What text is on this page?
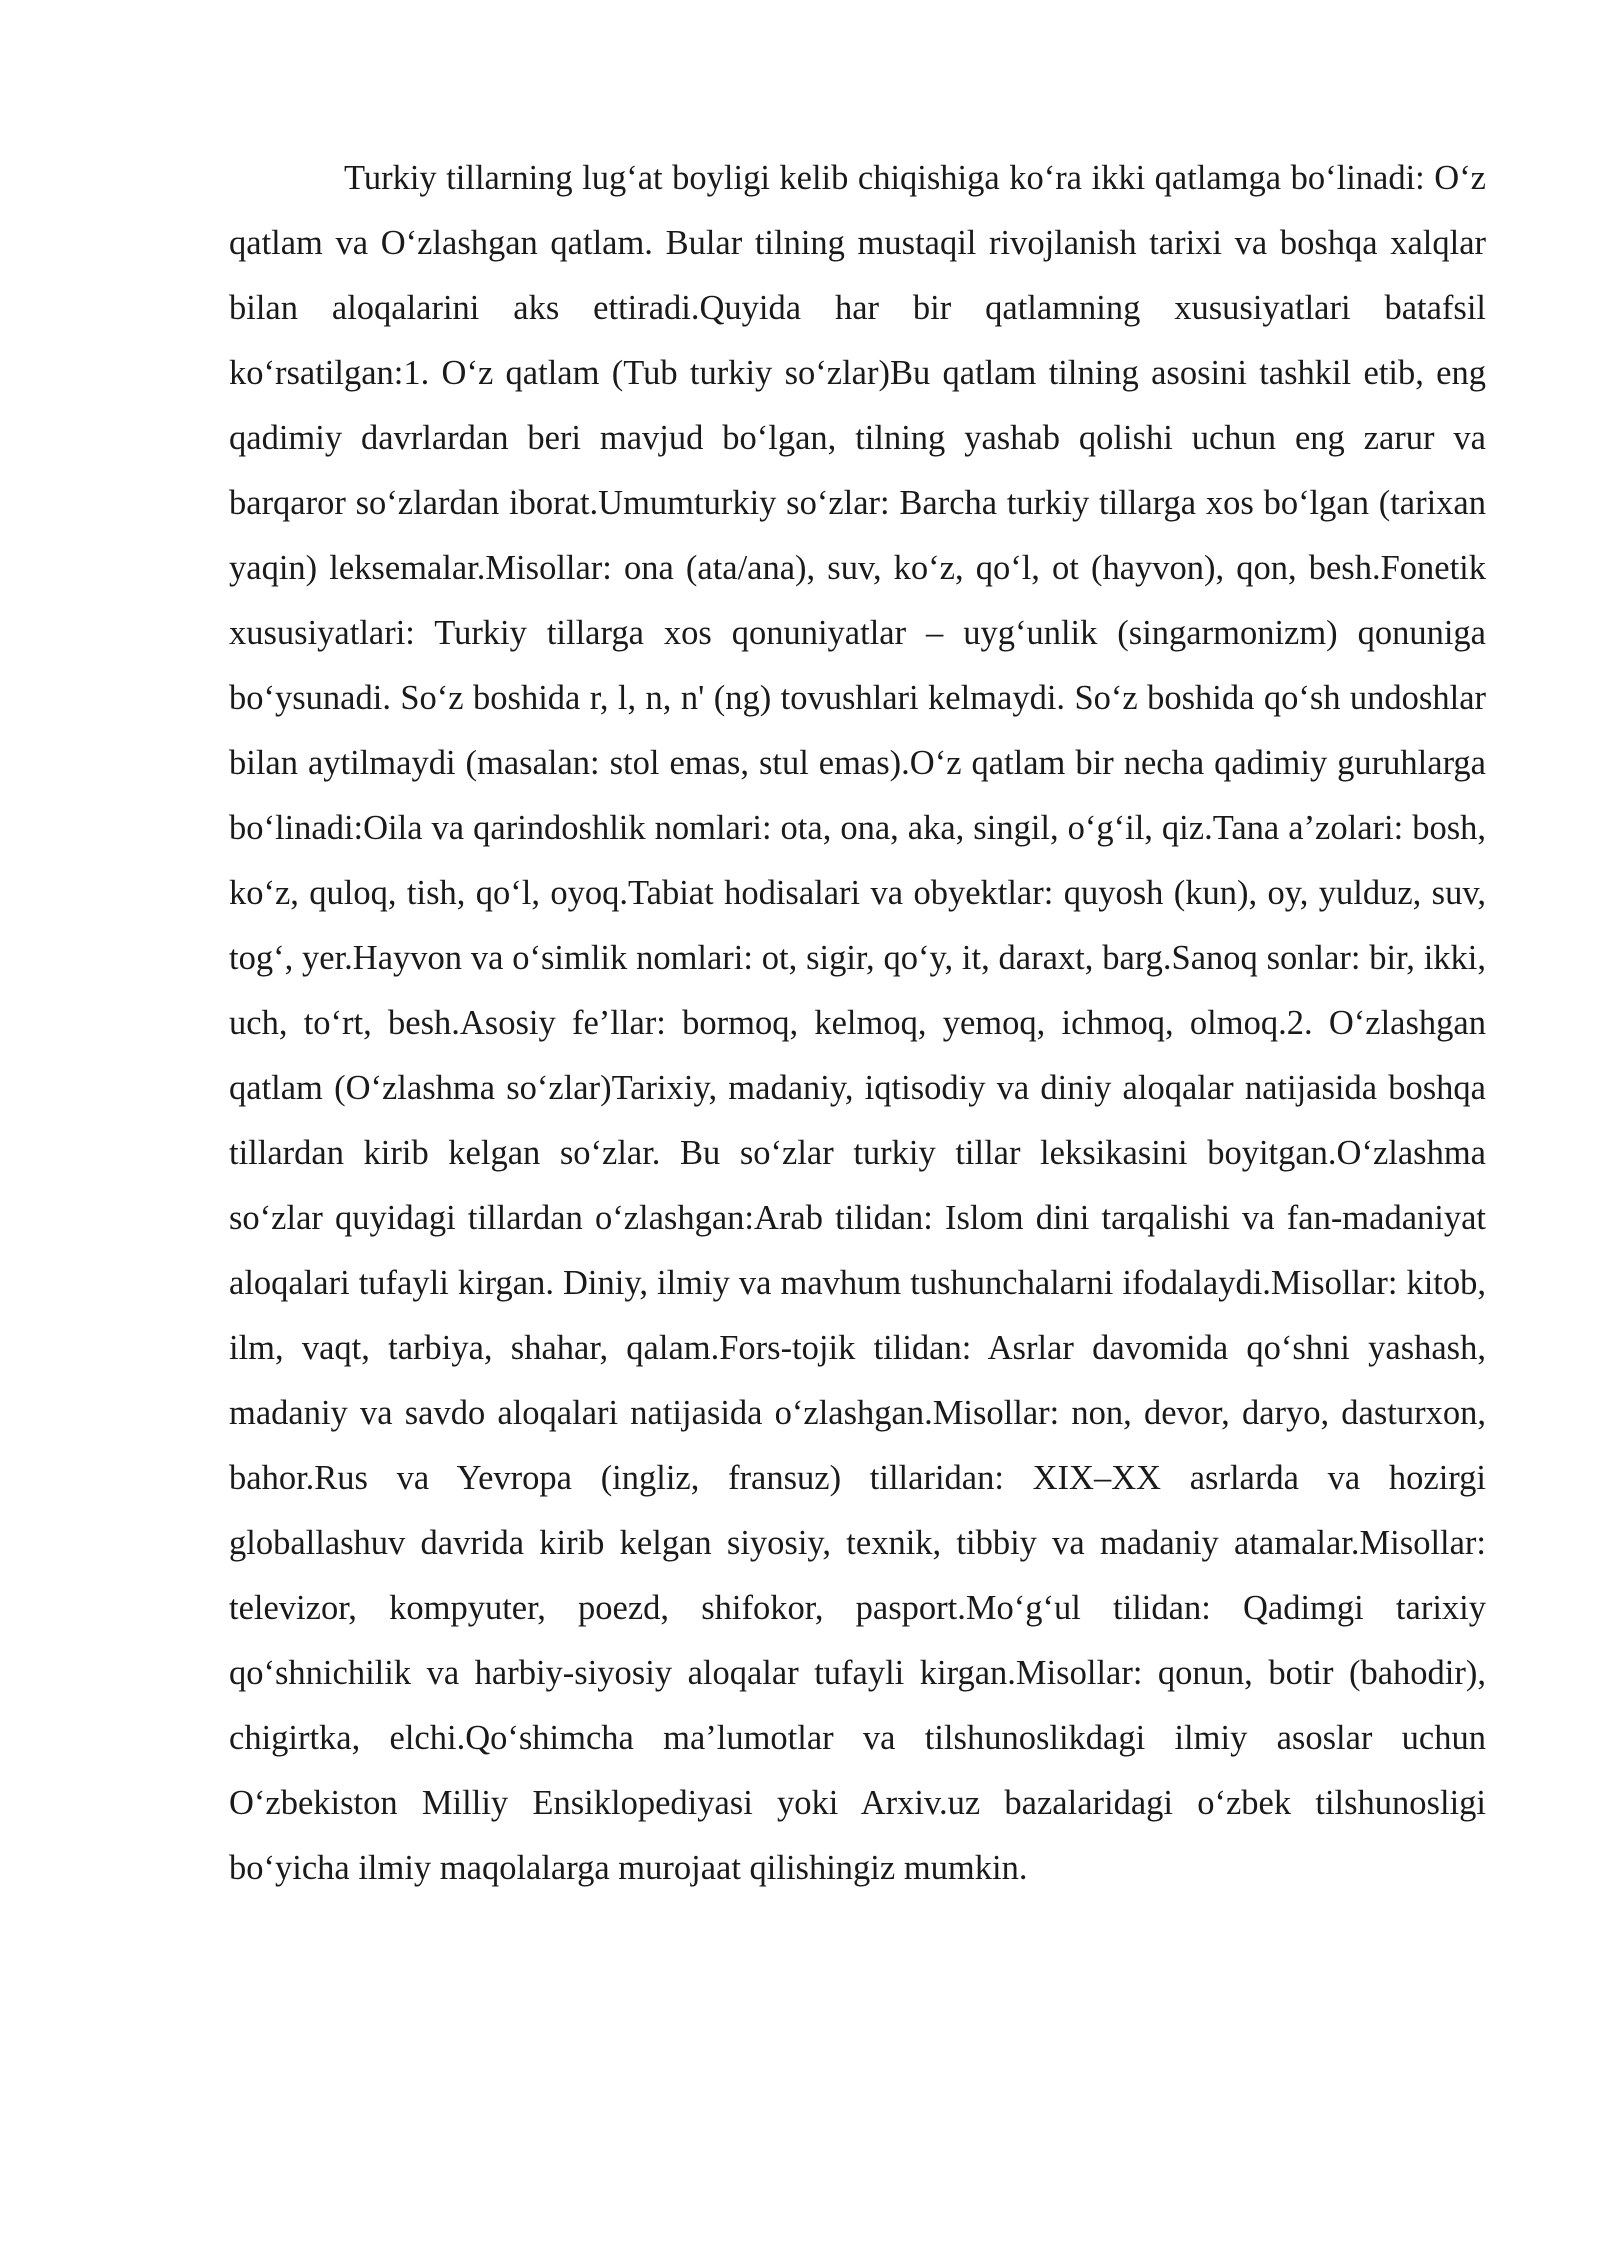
Turkiy tillarning lug‘at boyligi kelib chiqishiga ko‘ra ikki qatlamga bo‘linadi: O‘z qatlam va O‘zlashgan qatlam. Bular tilning mustaqil rivojlanish tarixi va boshqa xalqlar bilan aloqalarini aks ettiradi.Quyida har bir qatlamning xususiyatlari batafsil ko‘rsatilgan:1. O‘z qatlam (Tub turkiy so‘zlar)Bu qatlam tilning asosini tashkil etib, eng qadimiy davrlardan beri mavjud bo‘lgan, tilning yashab qolishi uchun eng zarur va barqaror so‘zlardan iborat.Umumturkiy so‘zlar: Barcha turkiy tillarga xos bo‘lgan (tarixan yaqin) leksemalar.Misollar: ona (ata/ana), suv, ko‘z, qo‘l, ot (hayvon), qon, besh.Fonetik xususiyatlari: Turkiy tillarga xos qonuniyatlar – uyg‘unlik (singarmonizm) qonuniga bo‘ysunadi. So‘z boshida r, l, n, n' (ng) tovushlari kelmaydi. So‘z boshida qo‘sh undoshlar bilan aytilmaydi (masalan: stol emas, stul emas).O‘z qatlam bir necha qadimiy guruhlarga bo‘linadi:Oila va qarindoshlik nomlari: ota, ona, aka, singil, o‘g‘il, qiz.Tana a’zolari: bosh, ko‘z, quloq, tish, qo‘l, oyoq.Tabiat hodisalari va obyektlar: quyosh (kun), oy, yulduz, suv, tog‘, yer.Hayvon va o‘simlik nomlari: ot, sigir, qo‘y, it, daraxt, barg.Sanoq sonlar: bir, ikki, uch, to‘rt, besh.Asosiy fe’llar: bormoq, kelmoq, yemoq, ichmoq, olmoq.2. O‘zlashgan qatlam (O‘zlashma so‘zlar)Tarixiy, madaniy, iqtisodiy va diniy aloqalar natijasida boshqa tillardan kirib kelgan so‘zlar. Bu so‘zlar turkiy tillar leksikasini boyitgan.O‘zlashma so‘zlar quyidagi tillardan o‘zlashgan:Arab tilidan: Islom dini tarqalishi va fan-madaniyat aloqalari tufayli kirgan. Diniy, ilmiy va mavhum tushunchalarni ifodalaydi.Misollar: kitob, ilm, vaqt, tarbiya, shahar, qalam.Fors-tojik tilidan: Asrlar davomida qo‘shni yashash, madaniy va savdo aloqalari natijasida o‘zlashgan.Misollar: non, devor, daryo, dasturxon, bahor.Rus va Yevropa (ingliz, fransuz) tillaridan: XIX–XX asrlarda va hozirgi globallashuv davrida kirib kelgan siyosiy, texnik, tibbiy va madaniy atamalar.Misollar: televizor, kompyuter, poezd, shifokor, pasport.Mo‘g‘ul tilidan: Qadimgi tarixiy qo‘shnichilik va harbiy-siyosiy aloqalar tufayli kirgan.Misollar: qonun, botir (bahodir), chigirtka, elchi.Qo‘shimcha ma’lumotlar va tilshunoslikdagi ilmiy asoslar uchun O‘zbekiston Milliy Ensiklopediyasi yoki Arxiv.uz bazalaridagi o‘zbek tilshunosligi bo‘yicha ilmiy maqolalarga murojaat qilishingiz mumkin.
